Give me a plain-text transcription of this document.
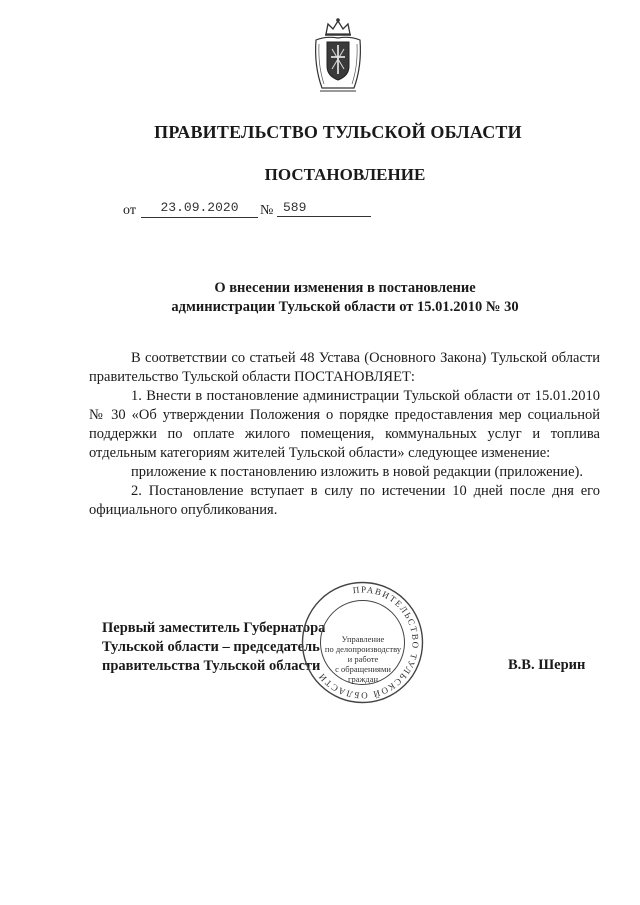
ПРАВИТЕЛЬСТВО ТУЛЬСКОЙ ОБЛАСТИ
ПОСТАНОВЛЕНИЕ
от	23.09.2020	№ 589
О внесении изменения в постановление
администрации Тульской области от 15.01.2010 № 30

В соответствии со статьей 48 Устава (Основного Закона) Тульской области правительство Тульской области ПОСТАНОВЛЯЕТ:

1. Внести в постановление администрации Тульской области от 15.01.2010 № 30 «Об утверждении Положения о порядке предоставления мер социальной поддержки по оплате жилого помещения, коммунальных услуг и топлива отдельным категориям жителей Тульской области» следующее изменение:

приложение к постановлению изложить в новой редакции (приложение).

2. Постановление вступает в силу по истечении 10 дней после дня его официального опубликования.

Первый заместитель Губернатора
Тульской области – председатель
правительства Тульской области
ПРАВИТЕЛЬСТВО ТУЛЬСКОЙ ОБЛАСТИ
Управление
по делопроизводству
и работе
с обращениями
граждан
В.В. Шерин
